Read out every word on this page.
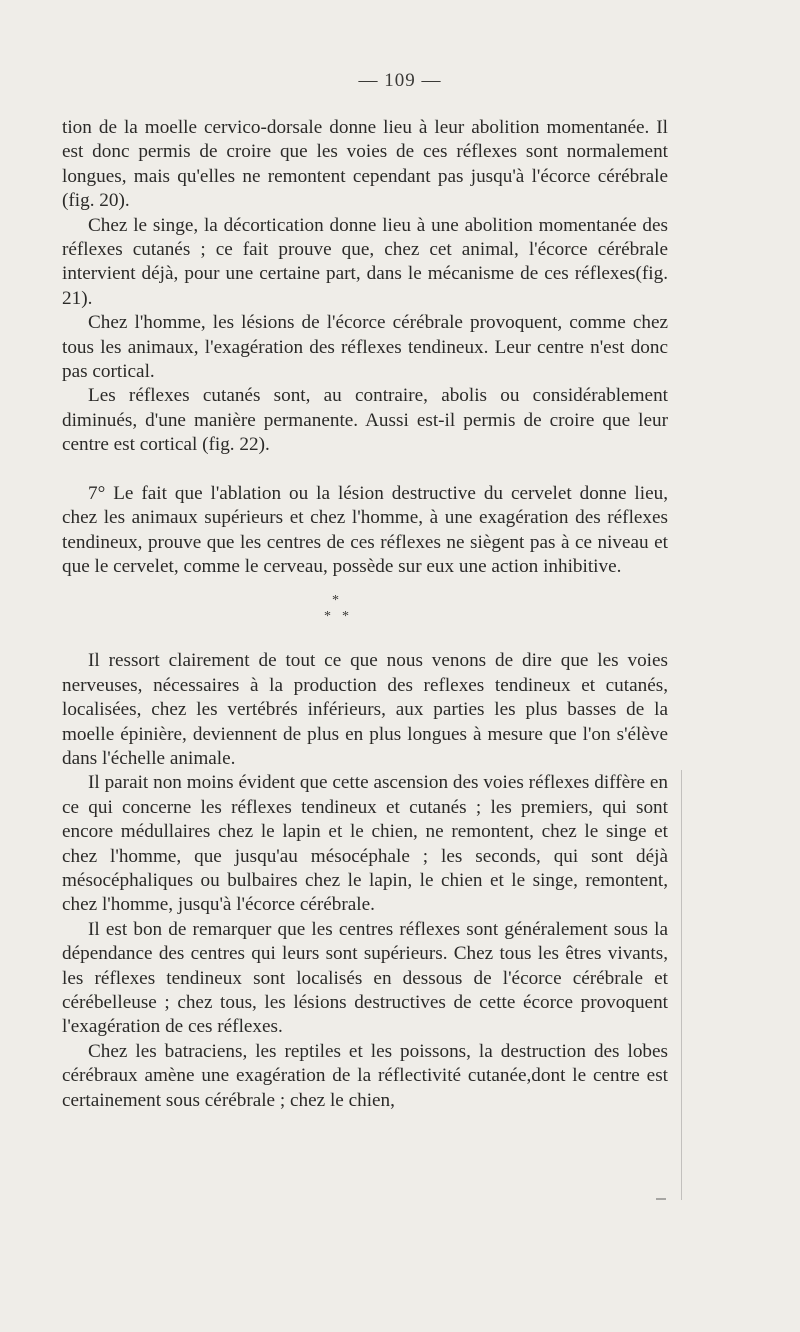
— 109 —

tion de la moelle cervico-dorsale donne lieu à leur abolition momentanée. Il est donc permis de croire que les voies de ces réflexes sont normalement longues, mais qu'elles ne remontent cependant pas jusqu'à l'écorce cérébrale (fig. 20).

Chez le singe, la décortication donne lieu à une abolition momentanée des réflexes cutanés ; ce fait prouve que, chez cet animal, l'écorce cérébrale intervient déjà, pour une certaine part, dans le mécanisme de ces réflexes(fig. 21).

Chez l'homme, les lésions de l'écorce cérébrale provoquent, comme chez tous les animaux, l'exagération des réflexes tendineux. Leur centre n'est donc pas cortical.

Les réflexes cutanés sont, au contraire, abolis ou considérablement diminués, d'une manière permanente. Aussi est-il permis de croire que leur centre est cortical (fig. 22).

7° Le fait que l'ablation ou la lésion destructive du cervelet donne lieu, chez les animaux supérieurs et chez l'homme, à une exagération des réflexes tendineux, prouve que les centres de ces réflexes ne siègent pas à ce niveau et que le cervelet, comme le cerveau, possède sur eux une action inhibitive.

*
* *

Il ressort clairement de tout ce que nous venons de dire que les voies nerveuses, nécessaires à la production des reflexes tendineux et cutanés, localisées, chez les vertébrés inférieurs, aux parties les plus basses de la moelle épinière, deviennent de plus en plus longues à mesure que l'on s'élève dans l'échelle animale.

Il parait non moins évident que cette ascension des voies réflexes diffère en ce qui concerne les réflexes tendineux et cutanés ; les premiers, qui sont encore médullaires chez le lapin et le chien, ne remontent, chez le singe et chez l'homme, que jusqu'au mésocéphale ; les seconds, qui sont déjà mésocéphaliques ou bulbaires chez le lapin, le chien et le singe, remontent, chez l'homme, jusqu'à l'écorce cérébrale.

Il est bon de remarquer que les centres réflexes sont généralement sous la dépendance des centres qui leurs sont supérieurs. Chez tous les êtres vivants, les réflexes tendineux sont localisés en dessous de l'écorce cérébrale et cérébelleuse ; chez tous, les lésions destructives de cette écorce provoquent l'exagération de ces réflexes.

Chez les batraciens, les reptiles et les poissons, la destruction des lobes cérébraux amène une exagération de la réflectivité cutanée,dont le centre est certainement sous cérébrale ; chez le chien,
